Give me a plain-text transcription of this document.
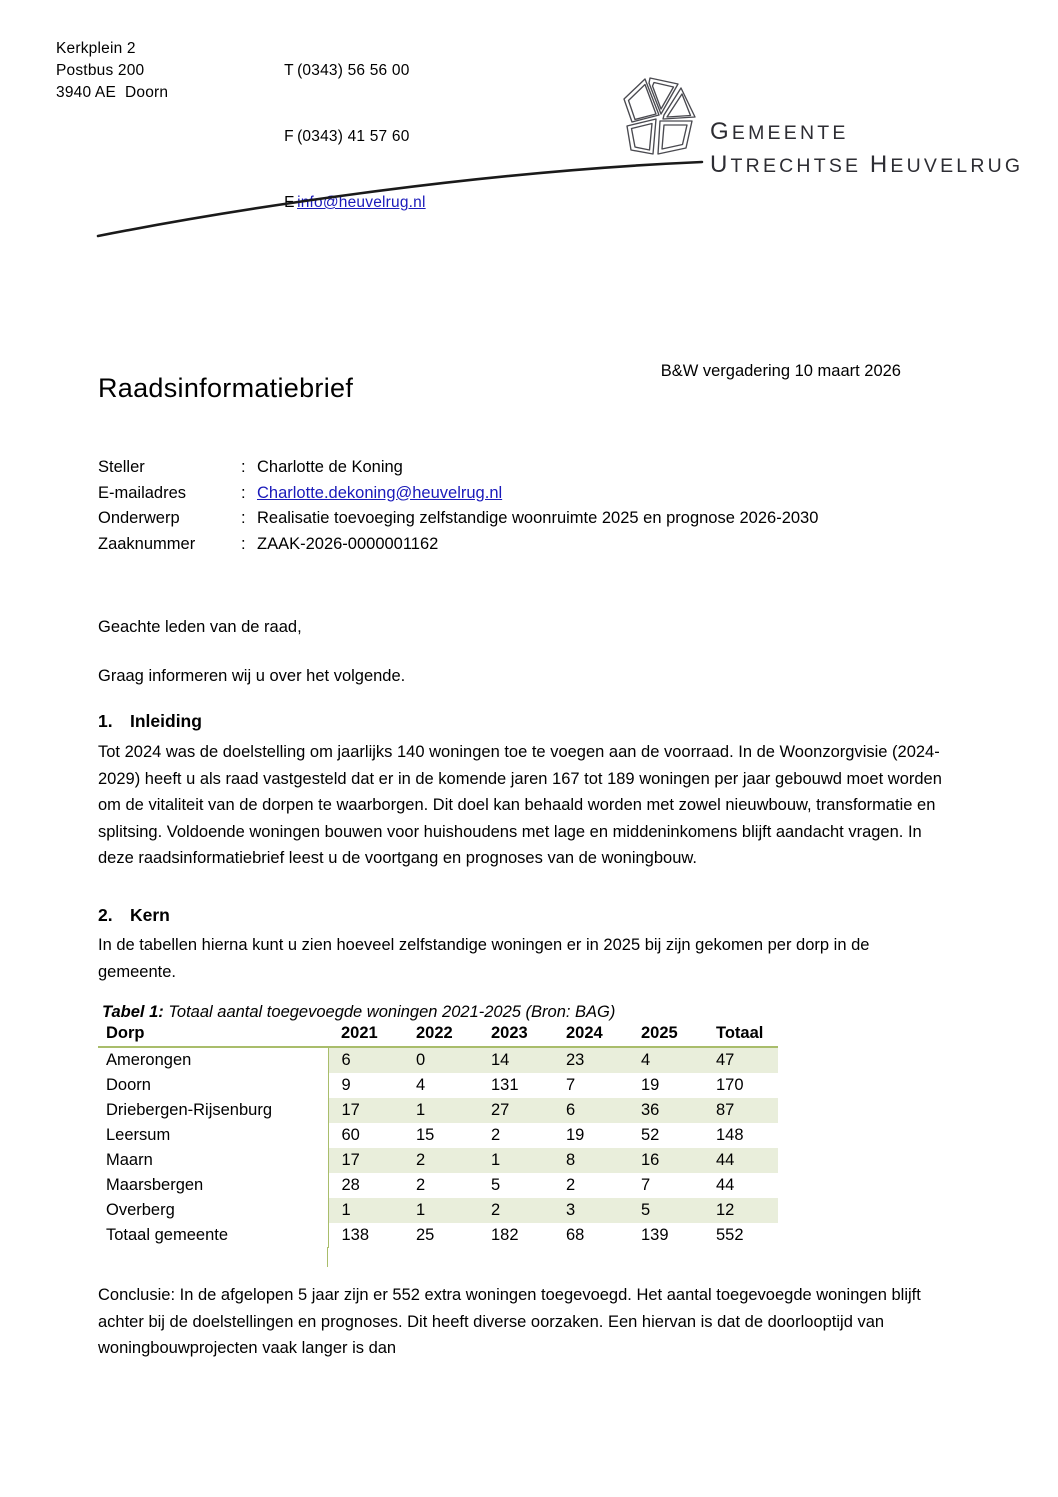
Kerkplein 2
Postbus 200
3940 AE  Doorn

T (0343) 56 56 00

F (0343) 41 57 60

E info@heuvelrug.nl

GEMEENTE
UTRECHTSE HEUVELRUG
Raadsinformatiebrief
B&W vergadering 10 maart 2026
Steller	: Charlotte de Koning
E-mailadres	: Charlotte.dekoning@heuvelrug.nl
Onderwerp	: Realisatie toevoeging zelfstandige woonruimte 2025 en prognose 2026-2030
Zaaknummer	: ZAAK-2026-0000001162
Geachte leden van de raad,
Graag informeren wij u over het volgende.
1. Inleiding

Tot 2024 was de doelstelling om jaarlijks 140 woningen toe te voegen aan de voorraad. In de Woonzorgvisie (2024-2029) heeft u als raad vastgesteld dat er in de komende jaren 167 tot 189 woningen per jaar gebouwd moet worden om de vitaliteit van de dorpen te waarborgen. Dit doel kan behaald worden met zowel nieuwbouw, transformatie en splitsing. Voldoende woningen bouwen voor huishoudens met lage en middeninkomens blijft aandacht vragen. In deze raadsinformatiebrief leest u de voortgang en prognoses van de woningbouw.

2. Kern

In de tabellen hierna kunt u zien hoeveel zelfstandige woningen er in 2025 bij zijn gekomen per dorp in de gemeente.

Tabel 1: Totaal aantal toegevoegde woningen 2021-2025 (Bron: BAG)
Dorp	2021	2022	2023	2024	2025	Totaal
Amerongen	6	0	14	23	4	47
Doorn	9	4	131	7	19	170
Driebergen-Rijsenburg	17	1	27	6	36	87
Leersum	60	15	2	19	52	148
Maarn	17	2	1	8	16	44
Maarsbergen	28	2	5	2	7	44
Overberg	1	1	2	3	5	12
Totaal gemeente	138	25	182	68	139	552

Conclusie: In de afgelopen 5 jaar zijn er 552 extra woningen toegevoegd. Het aantal toegevoegde woningen blijft achter bij de doelstellingen en prognoses. Dit heeft diverse oorzaken. Een hiervan is dat de doorlooptijd van woningbouwprojecten vaak langer is dan
